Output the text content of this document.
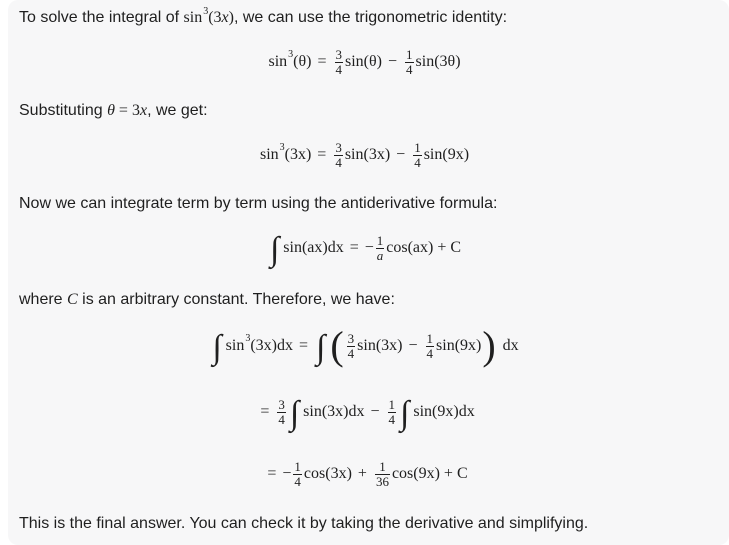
To solve the integral of $\sin^3(3x)$, we can use the trigonometric identity:
sin 3 $(\theta) = \frac{3}{4} \sin(\theta) - \frac{1}{4} \sin(3\theta)$
Substituting θ = 3x, we get:
sin 3 $(3x) = \frac{3}{4} \sin(3x) - \frac{1}{4} \sin(9x)$
Now we can integrate term by term using the antiderivative formula:
∫ sin(ax)dx = − $\frac{1}{a} \cos(ax) + C$
where C is an arbitrary constant. Therefore, we have:
∫ sin 3 (3x)dx = ∫ ( $\frac{3}{4} \sin(3x) - \frac{1}{4} \sin(9x)$ ) dx
= $\frac{3}{4}$ ∫ $\sin(3x)dx - \frac{1}{4}$ ∫ sin(9x)dx
= − $\frac{1}{4} \cos(3x) + \frac{1}{36} \cos(9x) + C$
This is the final answer. You can check it by taking the derivative and simplifying.
